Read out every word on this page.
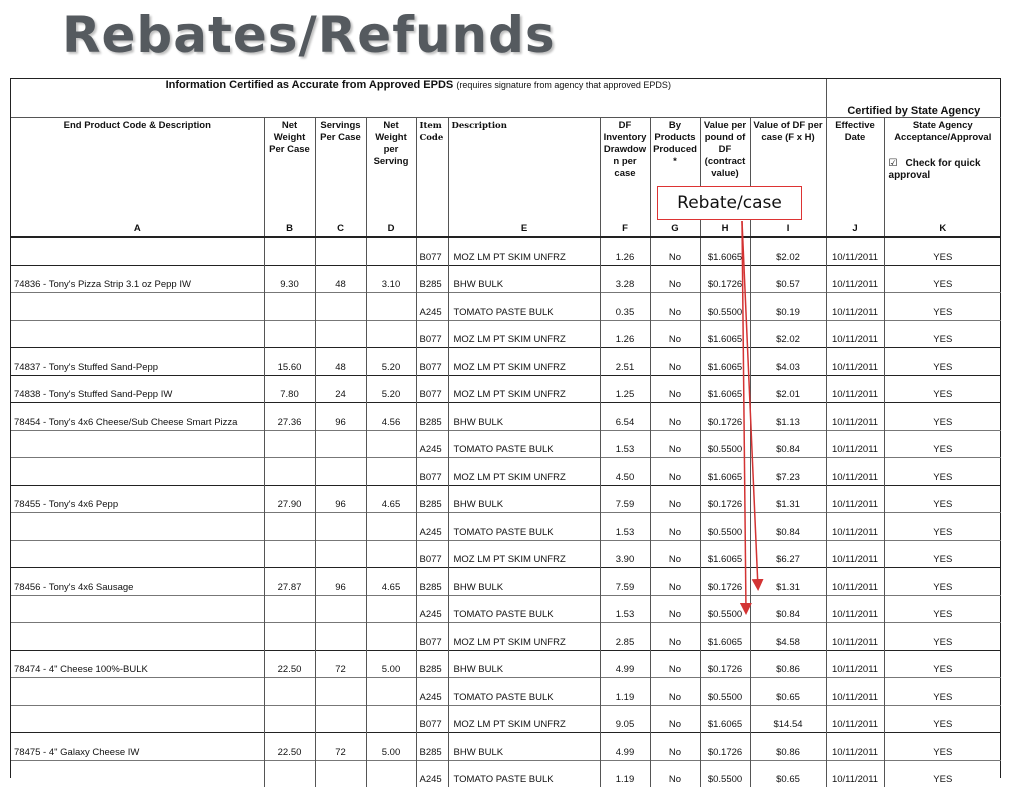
Rebates/Refunds
Information Certified as Accurate from Approved EPDS (requires signature from agency that approved EPDS)										Certified by State Agency	
End Product Code & Description	Net Weight Per Case	Servings Per Case	Net Weight per Serving	Item Code	Description	DF Inventory Drawdow n per case	By Products Produced *	Value per pound of DF (contract value)	Value of DF per case (F x H)	Effective Date	State Agency Acceptance/Approval
☑ Check for quick approval

A	B	C	D		E	F	G	H	I	J	K
				B077	MOZ LM PT SKIM UNFRZ	1.26	No	$1.6065	$2.02	10/11/2011	YES
74836 - Tony's Pizza Strip 3.1 oz Pepp IW	9.30	48	3.10	B285	BHW BULK	3.28	No	$0.1726	$0.57	10/11/2011	YES
				A245	TOMATO PASTE BULK	0.35	No	$0.5500	$0.19	10/11/2011	YES
				B077	MOZ LM PT SKIM UNFRZ	1.26	No	$1.6065	$2.02	10/11/2011	YES
74837 - Tony's Stuffed Sand-Pepp	15.60	48	5.20	B077	MOZ LM PT SKIM UNFRZ	2.51	No	$1.6065	$4.03	10/11/2011	YES
74838 - Tony's Stuffed Sand-Pepp IW	7.80	24	5.20	B077	MOZ LM PT SKIM UNFRZ	1.25	No	$1.6065	$2.01	10/11/2011	YES
78454 - Tony's 4x6 Cheese/Sub Cheese Smart Pizza	27.36	96	4.56	B285	BHW BULK	6.54	No	$0.1726	$1.13	10/11/2011	YES
				A245	TOMATO PASTE BULK	1.53	No	$0.5500	$0.84	10/11/2011	YES
				B077	MOZ LM PT SKIM UNFRZ	4.50	No	$1.6065	$7.23	10/11/2011	YES
78455 - Tony's 4x6 Pepp	27.90	96	4.65	B285	BHW BULK	7.59	No	$0.1726	$1.31	10/11/2011	YES
				A245	TOMATO PASTE BULK	1.53	No	$0.5500	$0.84	10/11/2011	YES
				B077	MOZ LM PT SKIM UNFRZ	3.90	No	$1.6065	$6.27	10/11/2011	YES
78456 - Tony's 4x6 Sausage	27.87	96	4.65	B285	BHW BULK	7.59	No	$0.1726	$1.31	10/11/2011	YES
				A245	TOMATO PASTE BULK	1.53	No	$0.5500	$0.84	10/11/2011	YES
				B077	MOZ LM PT SKIM UNFRZ	2.85	No	$1.6065	$4.58	10/11/2011	YES
78474 - 4" Cheese 100%-BULK	22.50	72	5.00	B285	BHW BULK	4.99	No	$0.1726	$0.86	10/11/2011	YES
				A245	TOMATO PASTE BULK	1.19	No	$0.5500	$0.65	10/11/2011	YES
				B077	MOZ LM PT SKIM UNFRZ	9.05	No	$1.6065	$14.54	10/11/2011	YES
78475 - 4" Galaxy Cheese IW	22.50	72	5.00	B285	BHW BULK	4.99	No	$0.1726	$0.86	10/11/2011	YES
				A245	TOMATO PASTE BULK	1.19	No	$0.5500	$0.65	10/11/2011	YES
Rebate/case
